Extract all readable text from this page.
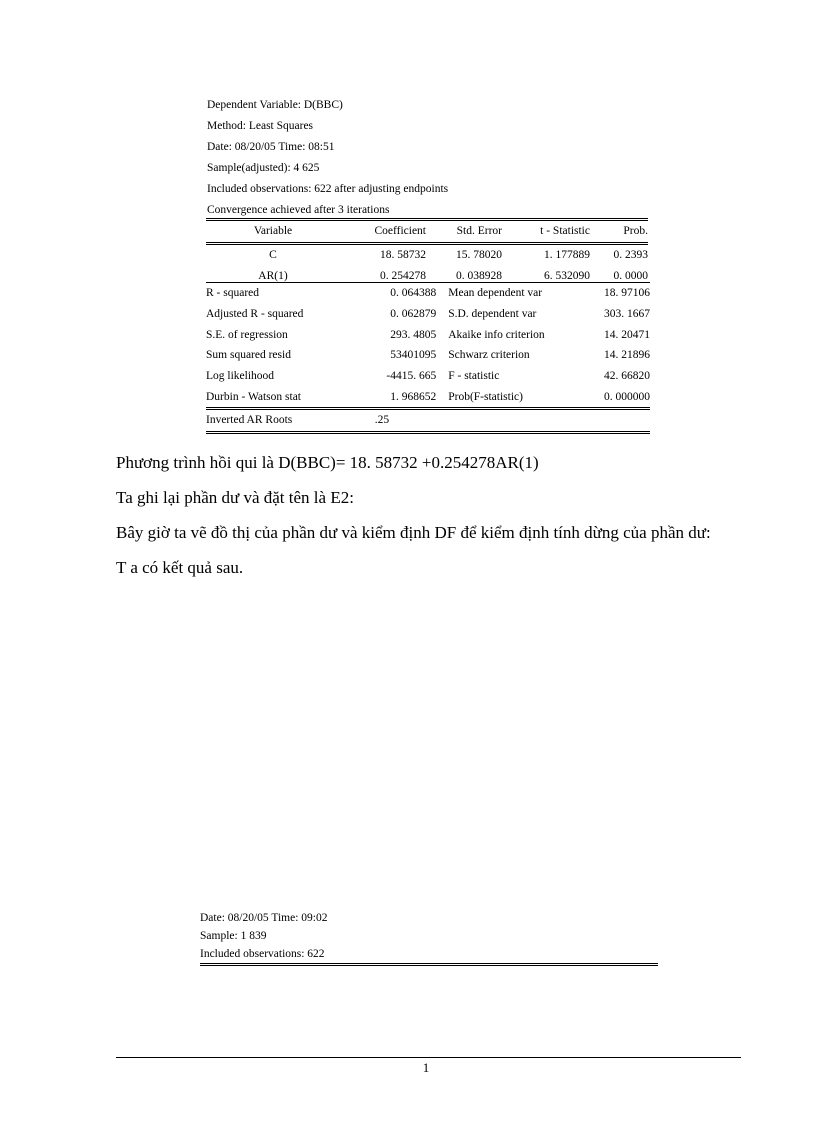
Dependent Variable: D(BBC)
Method: Least Squares
Date: 08/20/05 Time: 08:51
Sample(adjusted): 4 625
Included observations: 622 after adjusting endpoints
Convergence achieved after 3 iterations
Variable	Coefficient	Std. Error	t - Statistic	Prob.
C	18. 58732	15. 78020	1. 177889	0. 2393
AR(1)	0. 254278	0. 038928	6. 532090	0. 0000
R - squared	0. 064388	Mean dependent var	18. 97106
Adjusted R - squared	0. 062879	S.D. dependent var	303. 1667
S.E. of regression	293. 4805	Akaike info criterion	14. 20471
Sum squared resid	53401095	Schwarz criterion	14. 21896
Log likelihood	-4415. 665	F - statistic	42. 66820
Durbin - Watson stat	1. 968652	Prob(F-statistic)	0. 000000
Inverted AR Roots	.25		

Phương trình hồi qui là D(BBC)= 18. 58732 +0.254278AR(1)

Ta ghi lại phần dư và đặt tên là E2:

Bây giờ ta vẽ đồ thị của phần dư và kiểm định DF để kiểm định tính dừng của phần dư:

T a có kết quả sau.

Date: 08/20/05 Time: 09:02
Sample: 1 839
Included observations: 622
1
